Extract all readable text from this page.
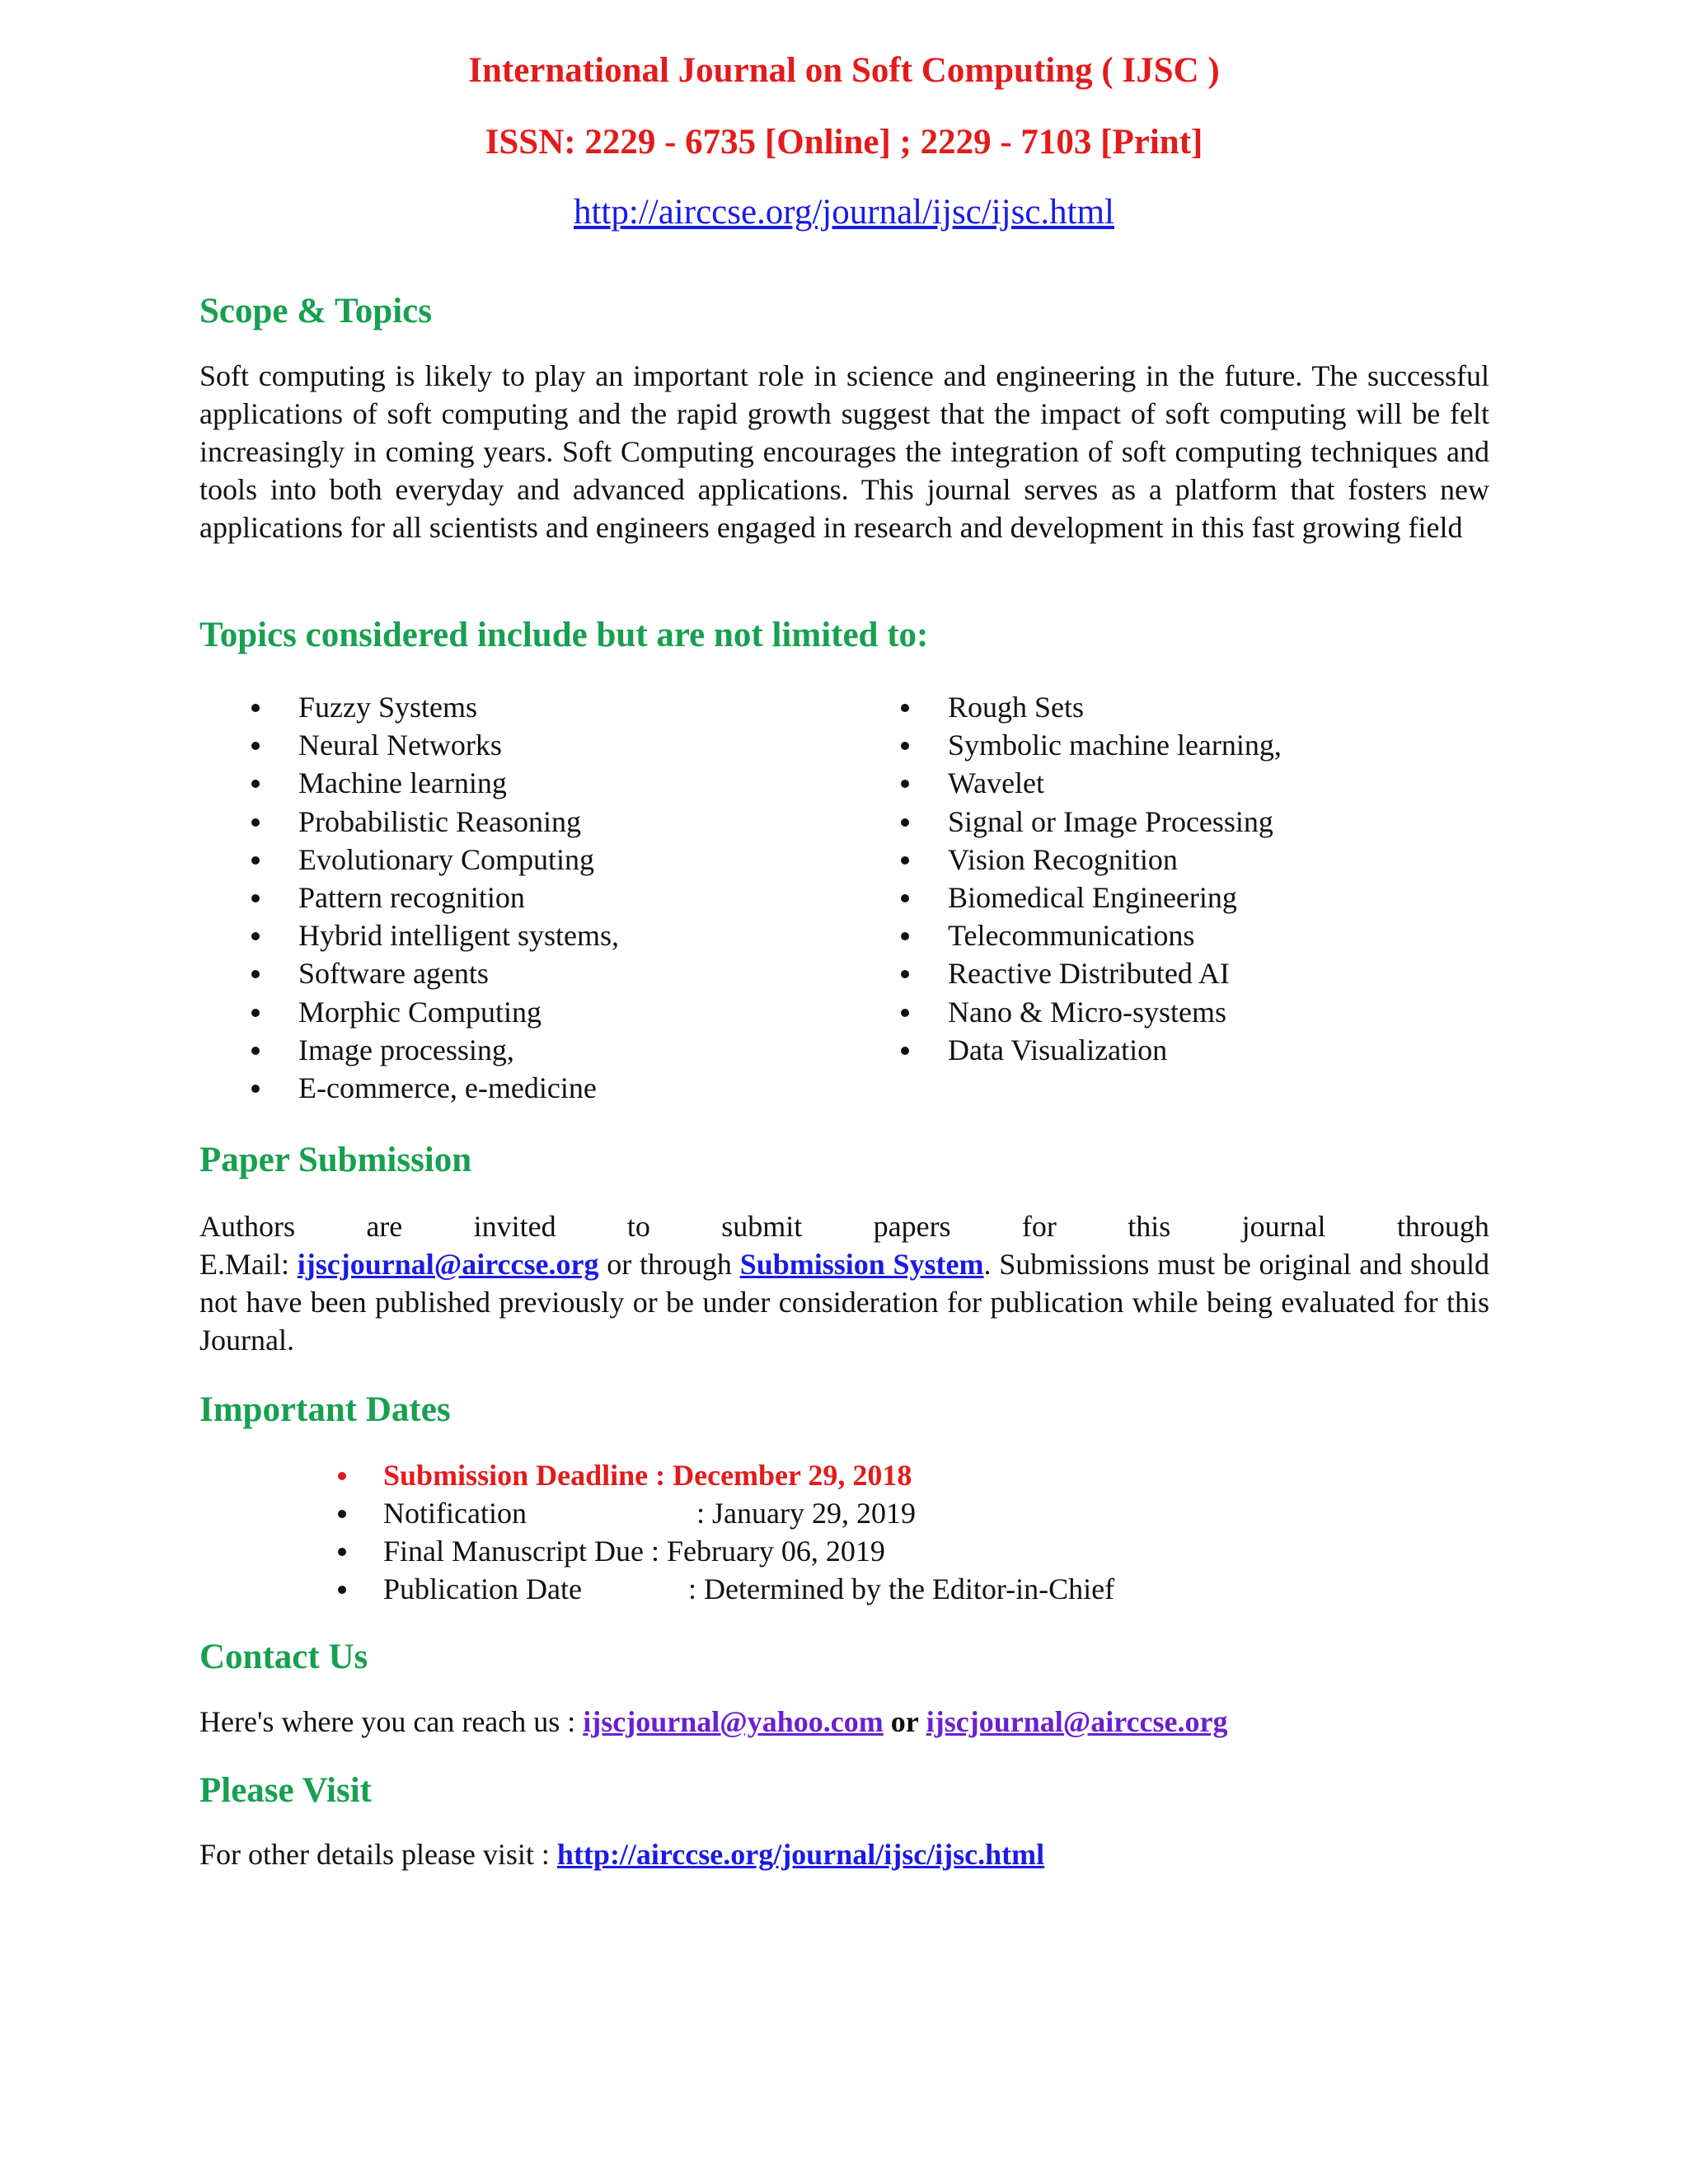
International Journal on Soft Computing ( IJSC )
ISSN: 2229 - 6735 [Online] ; 2229 - 7103 [Print]
http://airccse.org/journal/ijsc/ijsc.html
Scope & Topics

Soft computing is likely to play an important role in science and engineering in the future. The successful applications of soft computing and the rapid growth suggest that the impact of soft computing will be felt increasingly in coming years. Soft Computing encourages the integration of soft computing techniques and tools into both everyday and advanced applications. This journal serves as a platform that fosters new applications for all scientists and engineers engaged in research and development in this fast growing field

Topics considered include but are not limited to:
Fuzzy Systems
Neural Networks
Machine learning
Probabilistic Reasoning
Evolutionary Computing
Pattern recognition
Hybrid intelligent systems,
Software agents
Morphic Computing
Image processing,
E-commerce, e-medicine
Rough Sets
Symbolic machine learning,
Wavelet
Signal or Image Processing
Vision Recognition
Biomedical Engineering
Telecommunications
Reactive Distributed AI
Nano & Micro-systems
Data Visualization
Paper Submission
Authors are invited to submit papers for this journal through

E.Mail: ijscjournal@airccse.org or through Submission System. Submissions must be original and should not have been published previously or be under consideration for publication while being evaluated for this Journal.

Important Dates
Submission Deadline : December 29, 2018
Notification	: January 29, 2019
Final Manuscript Due : February 06, 2019
Publication Date	: Determined by the Editor-in-Chief
Contact Us

Here's where you can reach us : ijscjournal@yahoo.com or ijscjournal@airccse.org

Please Visit

For other details please visit : http://airccse.org/journal/ijsc/ijsc.html
